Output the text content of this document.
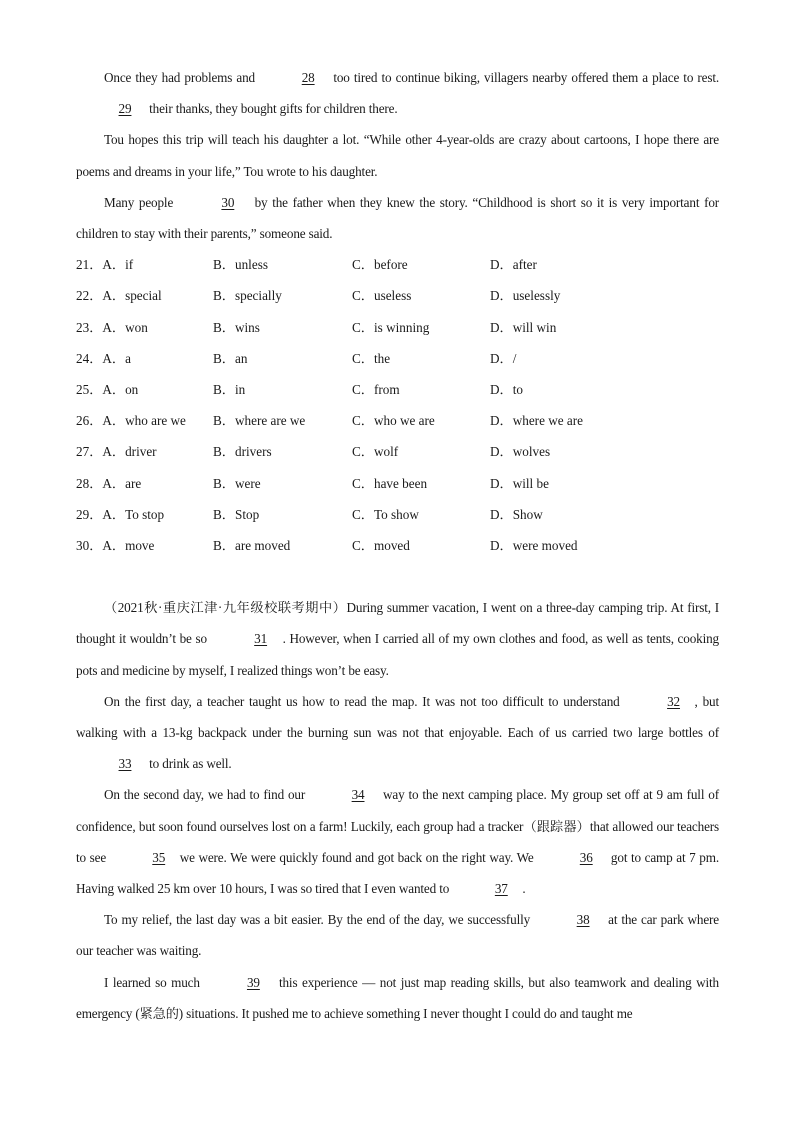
Once they had problems and	28 too tired to continue biking, villagers nearby offered them a place to rest. 29 their thanks, they bought gifts for children there.

Tou hopes this trip will teach his daughter a lot. “While other 4-year-olds are crazy about cartoons, I hope there are poems and dreams in your life,” Tou wrote to his daughter.

Many people	30 by the father when they knew the story. “Childhood is short so it is very important for children to stay with their parents,” someone said.

21．A．if	B．unless	C．before	D．after
22．A．special	B．specially	C．useless	D．uselessly
23．A．won	B．wins	C．is winning	D．will win
24．A．a	B．an	C．the	D．/
25．A．on	B．in	C．from	D．to
26．A．who are we B．where are we	C．who we are	D．where we are
27．A．driver	B．drivers	C．wolf	D．wolves
28．A．are	B．were	C．have been	D．will be
29．A．To stop	B．Stop	C．To show	D．Show
30．A．move	B．are moved	C．moved	D．were moved

（2021秋·重庆江津·九年级校联考期中）During summer vacation, I went on a three-day camping trip. At first, I thought it wouldn’t be so	31 . However, when I carried all of my own clothes and food, as well as tents, cooking pots and medicine by myself, I realized things won’t be easy.

On the first day, a teacher taught us how to read the map. It was not too difficult to understand	32 , but walking with a 13-kg backpack under the burning sun was not that enjoyable. Each of us carried two large bottles of 33 to drink as well.

On the second day, we had to find our	34 way to the next camping place. My group set off at 9 am full of confidence, but soon found ourselves lost on a farm! Luckily, each group had a tracker（跟踪器）that allowed our teachers to see	35 we were. We were quickly found and got back on the right way. We	36 got to camp at 7 pm. Having walked 25 km over 10 hours, I was so tired that I even wanted to	37 .

To my relief, the last day was a bit easier. By the end of the day, we successfully	38 at the car park where our teacher was waiting.

I learned so much	39 this experience — not just map reading skills, but also teamwork and dealing with emergency (紧急的) situations. It pushed me to achieve something I never thought I could do and taught me
